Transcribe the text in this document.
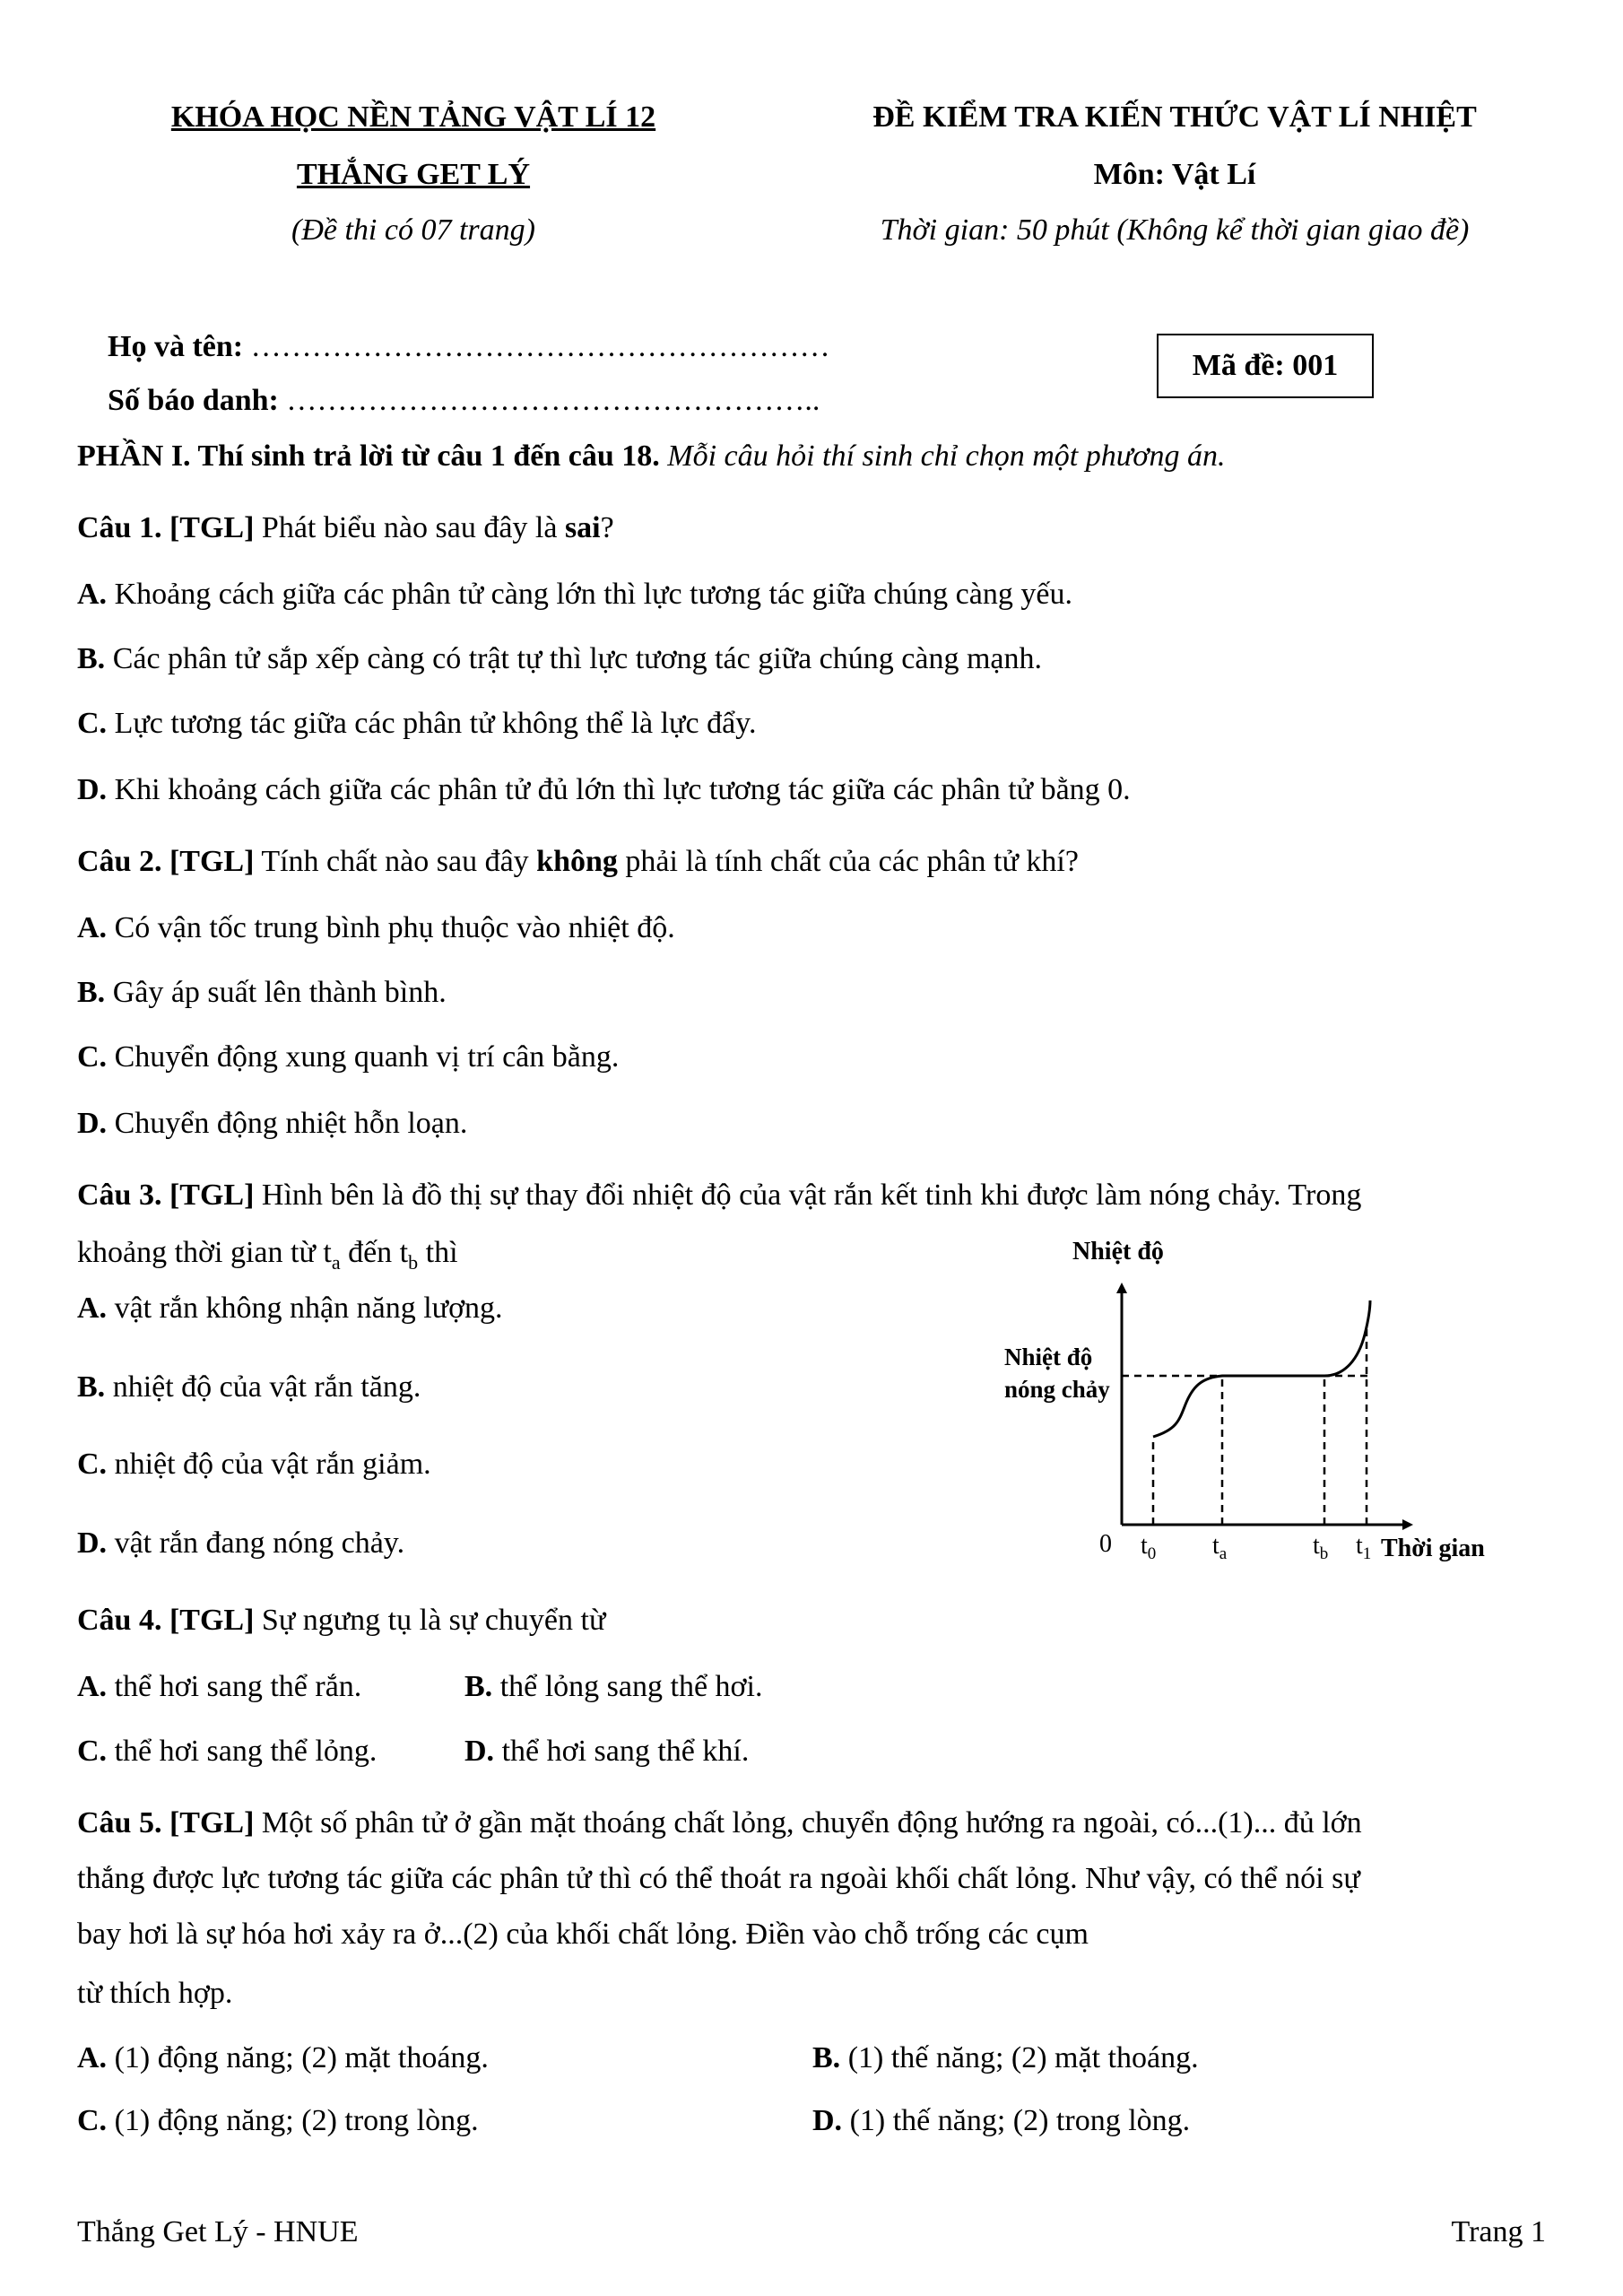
KHÓA HỌC NỀN TẢNG VẬT LÍ 12
THẮNG GET LÝ
(Đề thi có 07 trang)
ĐỀ KIỂM TRA KIẾN THỨC VẬT LÍ NHIỆT
Môn: Vật Lí
Thời gian: 50 phút (Không kể thời gian giao đề)
Họ và tên: …………………………………………………
Số báo danh: ……………………………………………..
Mã đề: 001
PHẦN I. Thí sinh trả lời từ câu 1 đến câu 18. Mỗi câu hỏi thí sinh chỉ chọn một phương án.
Câu 1. [TGL] Phát biểu nào sau đây là sai?
A. Khoảng cách giữa các phân tử càng lớn thì lực tương tác giữa chúng càng yếu.
B. Các phân tử sắp xếp càng có trật tự thì lực tương tác giữa chúng càng mạnh.
C. Lực tương tác giữa các phân tử không thể là lực đẩy.
D. Khi khoảng cách giữa các phân tử đủ lớn thì lực tương tác giữa các phân tử bằng 0.
Câu 2. [TGL] Tính chất nào sau đây không phải là tính chất của các phân tử khí?
A. Có vận tốc trung bình phụ thuộc vào nhiệt độ.
B. Gây áp suất lên thành bình.
C. Chuyển động xung quanh vị trí cân bằng.
D. Chuyển động nhiệt hỗn loạn.
Câu 3. [TGL] Hình bên là đồ thị sự thay đổi nhiệt độ của vật rắn kết tinh khi được làm nóng chảy. Trong
khoảng thời gian từ $t_a$ đến $t_b$ thì
A. vật rắn không nhận năng lượng.
B. nhiệt độ của vật rắn tăng.
C. nhiệt độ của vật rắn giảm.
D. vật rắn đang nóng chảy.
Nhiệt độ
Nhiệt độ
nóng chảy
0 $t_0$ $t_a$	$t_b$ $t_1$ Thời gian
Câu 4. [TGL] Sự ngưng tụ là sự chuyển từ
A. thể hơi sang thể rắn.	B. thể lỏng sang thể hơi.
C. thể hơi sang thể lỏng.	D. thể hơi sang thể khí.
Câu 5. [TGL] Một số phân tử ở gần mặt thoáng chất lỏng, chuyển động hướng ra ngoài, có...(1)... đủ lớn
thắng được lực tương tác giữa các phân tử thì có thể thoát ra ngoài khối chất lỏng. Như vậy, có thể nói sự
bay hơi là sự hóa hơi xảy ra ở...(2) của khối chất lỏng. Điền vào chỗ trống các cụm
từ thích hợp.
A. (1) động năng; (2) mặt thoáng.	B. (1) thế năng; (2) mặt thoáng.
C. (1) động năng; (2) trong lòng.	D. (1) thế năng; (2) trong lòng.
Thắng Get Lý - HNUE	Trang 1
